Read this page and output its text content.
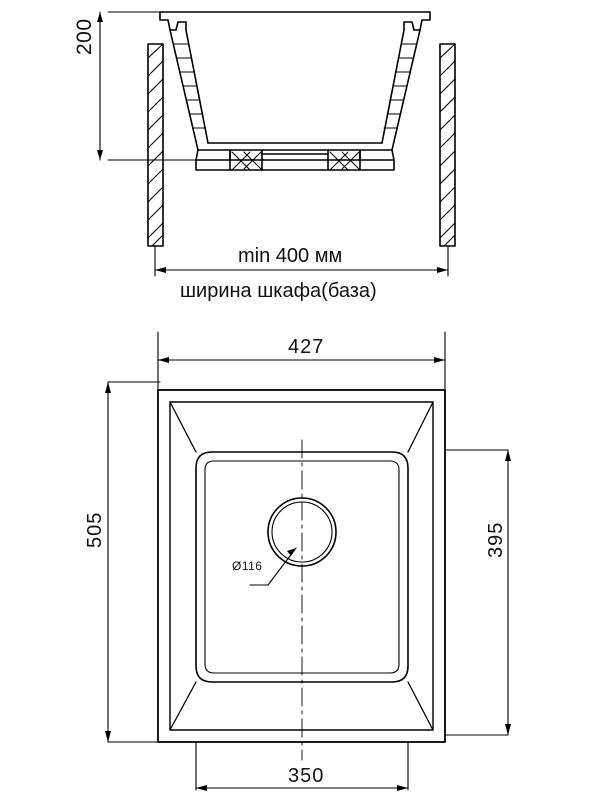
200
min 400 мм
ширина шкафа(база)
427
505	395
350
Ø116
